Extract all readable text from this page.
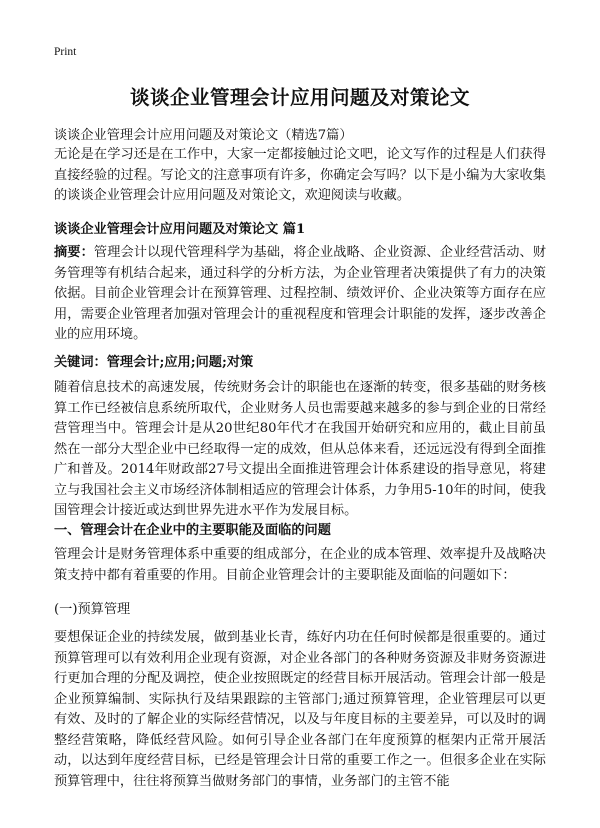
Print
谈谈企业管理会计应用问题及对策论文
谈谈企业管理会计应用问题及对策论文（精选7篇）

无论是在学习还是在工作中，大家一定都接触过论文吧，论文写作的过程是人们获得直接经验的过程。写论文的注意事项有许多，你确定会写吗？以下是小编为大家收集的谈谈企业管理会计应用问题及对策论文，欢迎阅读与收藏。

谈谈企业管理会计应用问题及对策论文 篇1

摘要：管理会计以现代管理科学为基础，将企业战略、企业资源、企业经营活动、财务管理等有机结合起来，通过科学的分析方法，为企业管理者决策提供了有力的决策依据。目前企业管理会计在预算管理、过程控制、绩效评价、企业决策等方面存在应用，需要企业管理者加强对管理会计的重视程度和管理会计职能的发挥，逐步改善企业的应用环境。

关键词：管理会计;应用;问题;对策

随着信息技术的高速发展，传统财务会计的职能也在逐渐的转变，很多基础的财务核算工作已经被信息系统所取代，企业财务人员也需要越来越多的参与到企业的日常经营管理当中。管理会计是从20世纪80年代才在我国开始研究和应用的，截止目前虽然在一部分大型企业中已经取得一定的成效，但从总体来看，还远远没有得到全面推广和普及。2014年财政部27号文提出全面推进管理会计体系建设的指导意见，将建立与我国社会主义市场经济体制相适应的管理会计体系，力争用5-10年的时间，使我国管理会计接近或达到世界先进水平作为发展目标。

一、管理会计在企业中的主要职能及面临的问题

管理会计是财务管理体系中重要的组成部分，在企业的成本管理、效率提升及战略决策支持中都有着重要的作用。目前企业管理会计的主要职能及面临的问题如下：

(一)预算管理

要想保证企业的持续发展，做到基业长青，练好内功在任何时候都是很重要的。通过预算管理可以有效利用企业现有资源，对企业各部门的各种财务资源及非财务资源进行更加合理的分配及调控，使企业按照既定的经营目标开展活动。管理会计部一般是企业预算编制、实际执行及结果跟踪的主管部门;通过预算管理，企业管理层可以更有效、及时的了解企业的实际经营情况，以及与年度目标的主要差异，可以及时的调整经营策略，降低经营风险。如何引导企业各部门在年度预算的框架内正常开展活动，以达到年度经营目标，已经是管理会计日常的重要工作之一。但很多企业在实际预算管理中，往往将预算当做财务部门的事情，业务部门的主管不能
